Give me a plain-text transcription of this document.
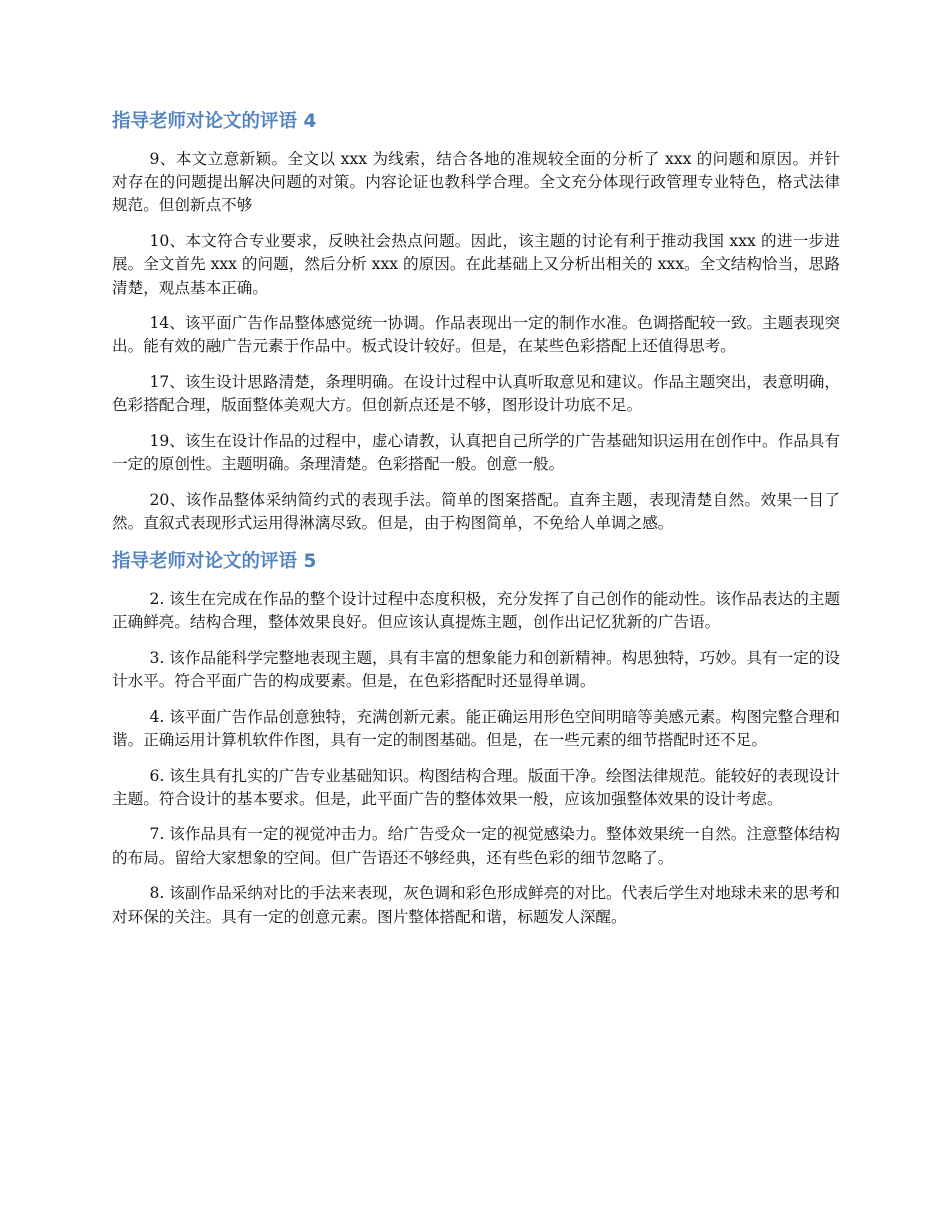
指导老师对论文的评语 4

9、本文立意新颖。全文以 xxx 为线索，结合各地的准规较全面的分析了 xxx 的问题和原因。并针对存在的问题提出解决问题的对策。内容论证也教科学合理。全文充分体现行政管理专业特色，格式法律规范。但创新点不够

10、本文符合专业要求，反映社会热点问题。因此，该主题的讨论有利于推动我国 xxx 的进一步进展。全文首先 xxx 的问题，然后分析 xxx 的原因。在此基础上又分析出相关的 xxx。全文结构恰当，思路清楚，观点基本正确。

14、该平面广告作品整体感觉统一协调。作品表现出一定的制作水准。色调搭配较一致。主题表现突出。能有效的融广告元素于作品中。板式设计较好。但是，在某些色彩搭配上还值得思考。

17、该生设计思路清楚，条理明确。在设计过程中认真听取意见和建议。作品主题突出，表意明确，色彩搭配合理，版面整体美观大方。但创新点还是不够，图形设计功底不足。

19、该生在设计作品的过程中，虚心请教，认真把自己所学的广告基础知识运用在创作中。作品具有一定的原创性。主题明确。条理清楚。色彩搭配一般。创意一般。

20、该作品整体采纳简约式的表现手法。简单的图案搭配。直奔主题，表现清楚自然。效果一目了然。直叙式表现形式运用得淋漓尽致。但是，由于构图简单，不免给人单调之感。

指导老师对论文的评语 5

2. 该生在完成在作品的整个设计过程中态度积极，充分发挥了自己创作的能动性。该作品表达的主题正确鲜亮。结构合理，整体效果良好。但应该认真提炼主题，创作出记忆犹新的广告语。

3. 该作品能科学完整地表现主题，具有丰富的想象能力和创新精神。构思独特，巧妙。具有一定的设计水平。符合平面广告的构成要素。但是，在色彩搭配时还显得单调。

4. 该平面广告作品创意独特，充满创新元素。能正确运用形色空间明暗等美感元素。构图完整合理和谐。正确运用计算机软件作图，具有一定的制图基础。但是，在一些元素的细节搭配时还不足。

6. 该生具有扎实的广告专业基础知识。构图结构合理。版面干净。绘图法律规范。能较好的表现设计主题。符合设计的基本要求。但是，此平面广告的整体效果一般，应该加强整体效果的设计考虑。

7. 该作品具有一定的视觉冲击力。给广告受众一定的视觉感染力。整体效果统一自然。注意整体结构的布局。留给大家想象的空间。但广告语还不够经典，还有些色彩的细节忽略了。

8. 该副作品采纳对比的手法来表现，灰色调和彩色形成鲜亮的对比。代表后学生对地球未来的思考和对环保的关注。具有一定的创意元素。图片整体搭配和谐，标题发人深醒。
